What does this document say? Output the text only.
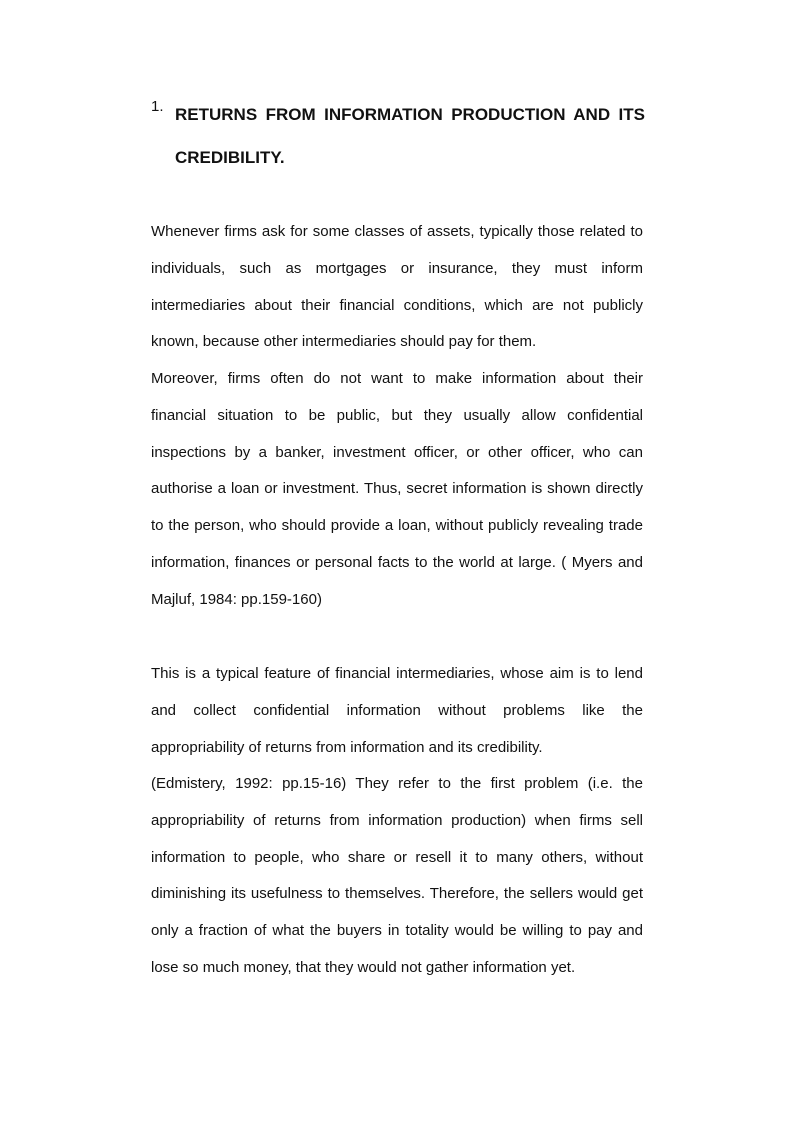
1. RETURNS FROM INFORMATION PRODUCTION AND ITS CREDIBILITY.

Whenever firms ask for some classes of assets, typically those related to individuals, such as mortgages or insurance, they must inform intermediaries about their financial conditions, which are not publicly known, because other intermediaries should pay for them.

Moreover, firms often do not want to make information about their financial situation to be public, but they usually allow confidential inspections by a banker, investment officer, or other officer, who can authorise a loan or investment. Thus, secret information is shown directly to the person, who should provide a loan, without publicly revealing trade information, finances or personal facts to the world at large. ( Myers and Majluf, 1984: pp.159-160)

This is a typical feature of financial intermediaries, whose aim is to lend and collect confidential information without problems like the appropriability of returns from information and its credibility.

(Edmistery, 1992: pp.15-16) They refer to the first problem (i.e. the appropriability of returns from information production) when firms sell information to people, who share or resell it to many others, without diminishing its usefulness to themselves. Therefore, the sellers would get only a fraction of what the buyers in totality would be willing to pay and lose so much money, that they would not gather information yet.
